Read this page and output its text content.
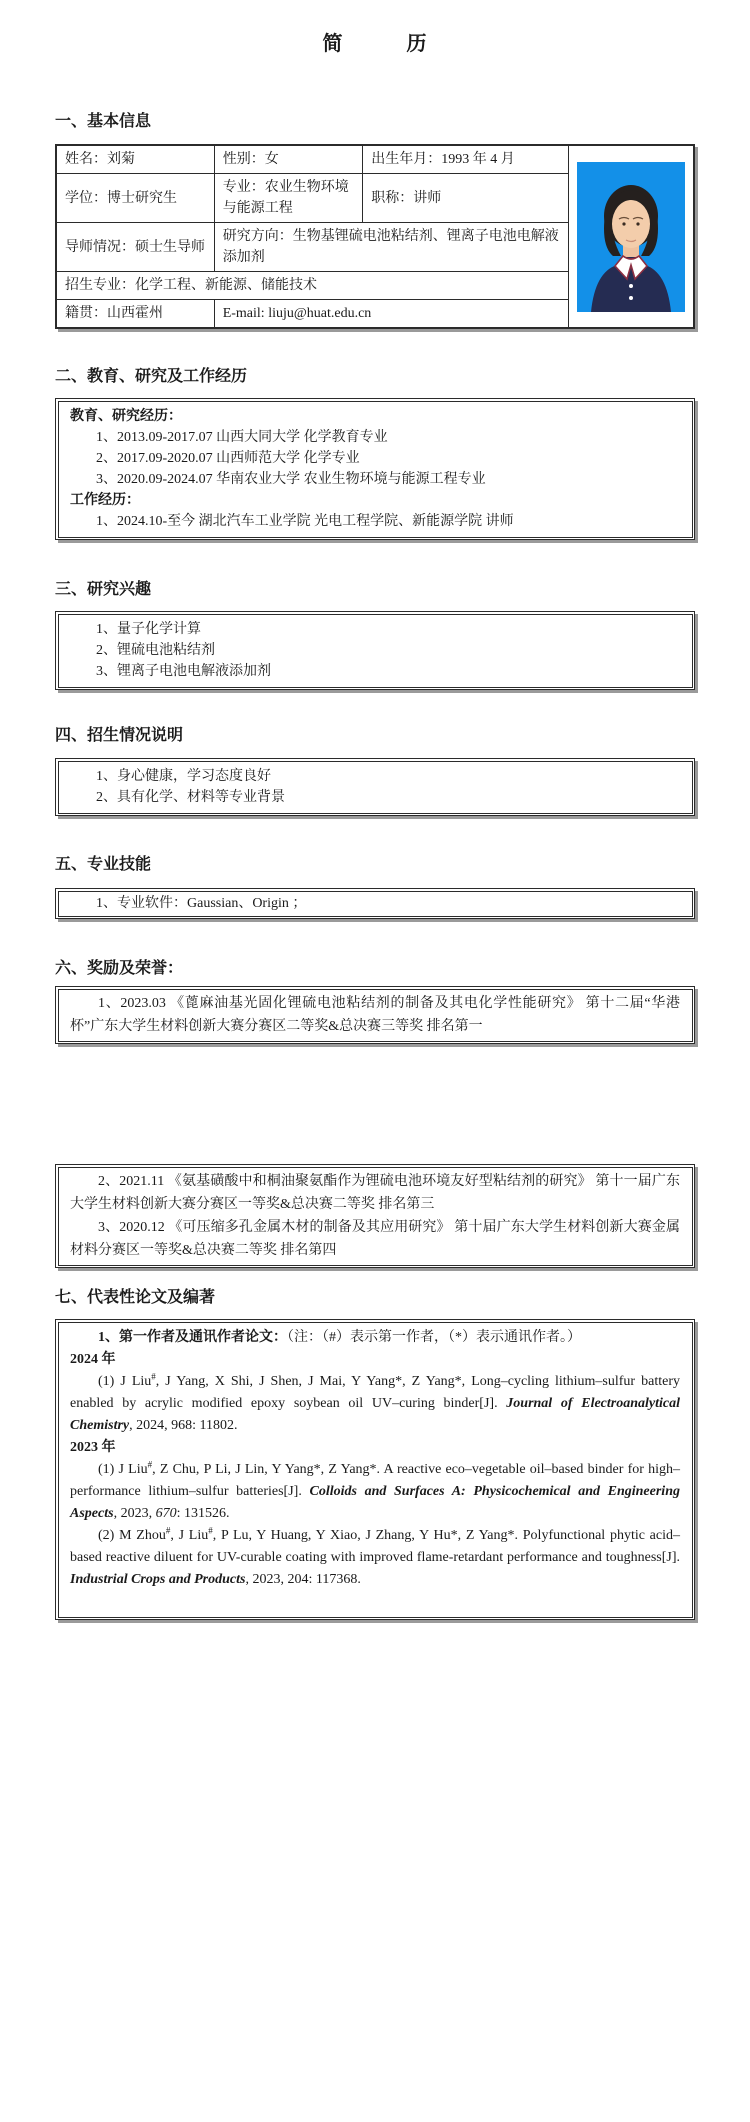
简　　　历
一、基本信息
姓名：刘菊	性别：女	出生年月：1993 年 4 月	

学位：博士研究生	专业：农业生物环境与能源工程	职称：讲师	
导师情况：硕士生导师	研究方向：生物基锂硫电池粘结剂、锂离子电池电解液添加剂		
招生专业：化学工程、新能源、储能技术			
籍贯：山西霍州	E-mail: liuju@huat.edu.cn		
二、教育、研究及工作经历
教育、研究经历：
1、2013.09-2017.07 山西大同大学 化学教育专业
2、2017.09-2020.07 山西师范大学 化学专业
3、2020.09-2024.07 华南农业大学 农业生物环境与能源工程专业
工作经历：
1、2024.10-至今 湖北汽车工业学院 光电工程学院、新能源学院 讲师
三、研究兴趣
1、量子化学计算
2、锂硫电池粘结剂
3、锂离子电池电解液添加剂
四、招生情况说明
1、身心健康，学习态度良好
2、具有化学、材料等专业背景
五、专业技能
1、专业软件：Gaussian、Origin ；
六、奖励及荣誉：
1、2023.03 《蓖麻油基光固化锂硫电池粘结剂的制备及其电化学性能研究》 第十二届“华港杯”广东大学生材料创新大赛分赛区二等奖&总决赛三等奖 排名第一
2、2021.11 《氨基磺酸中和桐油聚氨酯作为锂硫电池环境友好型粘结剂的研究》 第十一届广东大学生材料创新大赛分赛区一等奖&总决赛二等奖 排名第三
3、2020.12 《可压缩多孔金属木材的制备及其应用研究》 第十届广东大学生材料创新大赛金属材料分赛区一等奖&总决赛二等奖 排名第四
七、代表性论文及编著
1、第一作者及通讯作者论文：（注：（#）表示第一作者，（*）表示通讯作者。）
2024 年
(1) J Liu#, J Yang, X Shi, J Shen, J Mai, Y Yang*, Z Yang*, Long–cycling lithium–sulfur battery enabled by acrylic modified epoxy soybean oil UV–curing binder[J]. Journal of Electroanalytical Chemistry, 2024, 968: 11802.
2023 年
(1) J Liu#, Z Chu, P Li, J Lin, Y Yang*, Z Yang*. A reactive eco–vegetable oil–based binder for high–performance lithium–sulfur batteries[J]. Colloids and Surfaces A: Physicochemical and Engineering Aspects, 2023, 670: 131526.
(2) M Zhou#, J Liu#, P Lu, Y Huang, Y Xiao, J Zhang, Y Hu*, Z Yang*. Polyfunctional phytic acid–based reactive diluent for UV-curable coating with improved flame-retardant performance and toughness[J]. Industrial Crops and Products, 2023, 204: 117368.
